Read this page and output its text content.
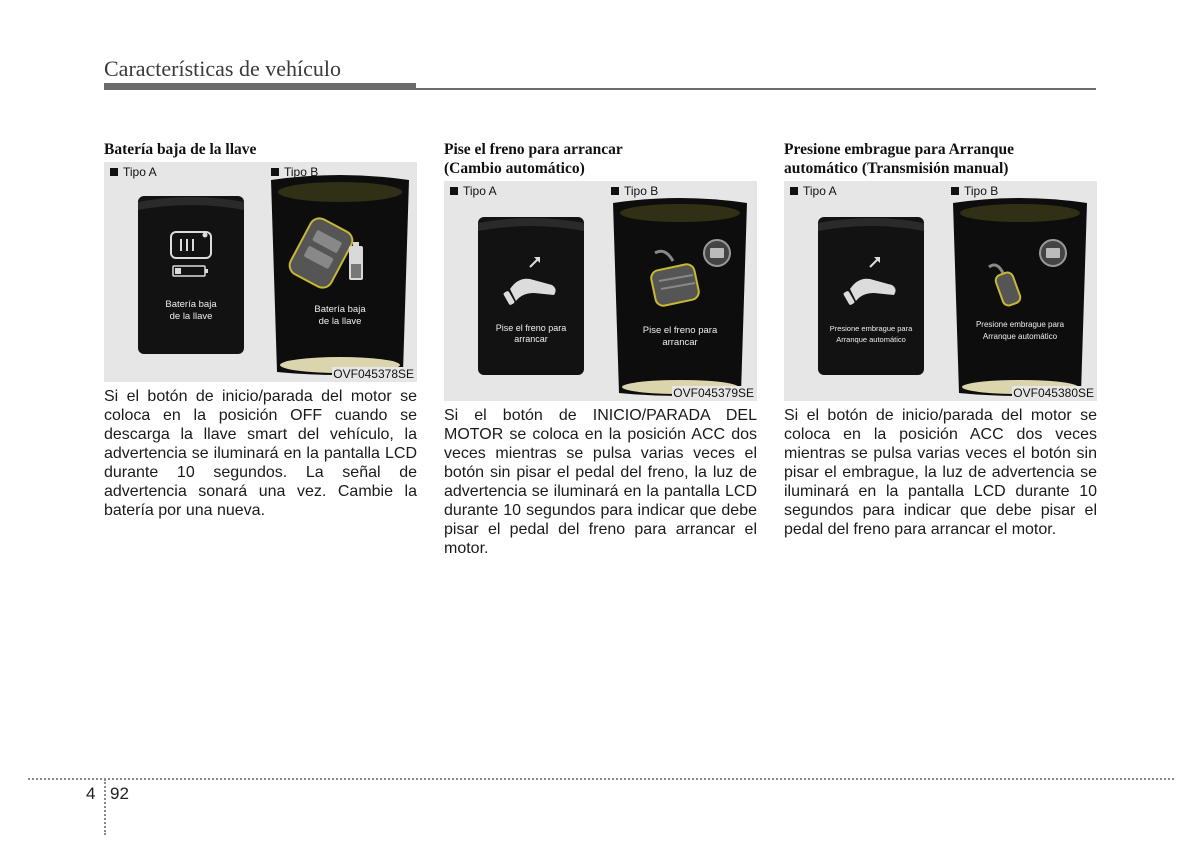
Características de vehículo
Batería baja de la llave
Batería baja de la llave
Tipo A
Batería baja de la llave
Tipo B
OVF045378SE

Si el botón de inicio/parada del motor se coloca en la posición OFF cuando se descarga la llave smart del vehículo, la advertencia se iluminará en la pantalla LCD durante 10 segundos. La señal de advertencia sonará una vez. Cambie la batería por una nueva.

Pise el freno para arrancar
(Cambio automático)
Pise el freno para arrancar
Tipo A
Pise el freno para arrancar
Tipo B
OVF045379SE

Si el botón de INICIO/PARADA DEL MOTOR se coloca en la posición ACC dos veces mientras se pulsa varias veces el botón sin pisar el pedal del freno, la luz de advertencia se iluminará en la pantalla LCD durante 10 segundos para indicar que debe pisar el pedal del freno para arrancar el motor.

Presione embrague para Arranque
automático (Transmisión manual)
Presione embrague para Arranque automático
Tipo A
Presione embrague para Arranque automático
Tipo B
OVF045380SE

Si el botón de inicio/parada del motor se coloca en la posición ACC dos veces mientras se pulsa varias veces el botón sin pisar el embrague, la luz de advertencia se iluminará en la pantalla LCD durante 10 segundos para indicar que debe pisar el pedal del freno para arrancar el motor.

4 92
